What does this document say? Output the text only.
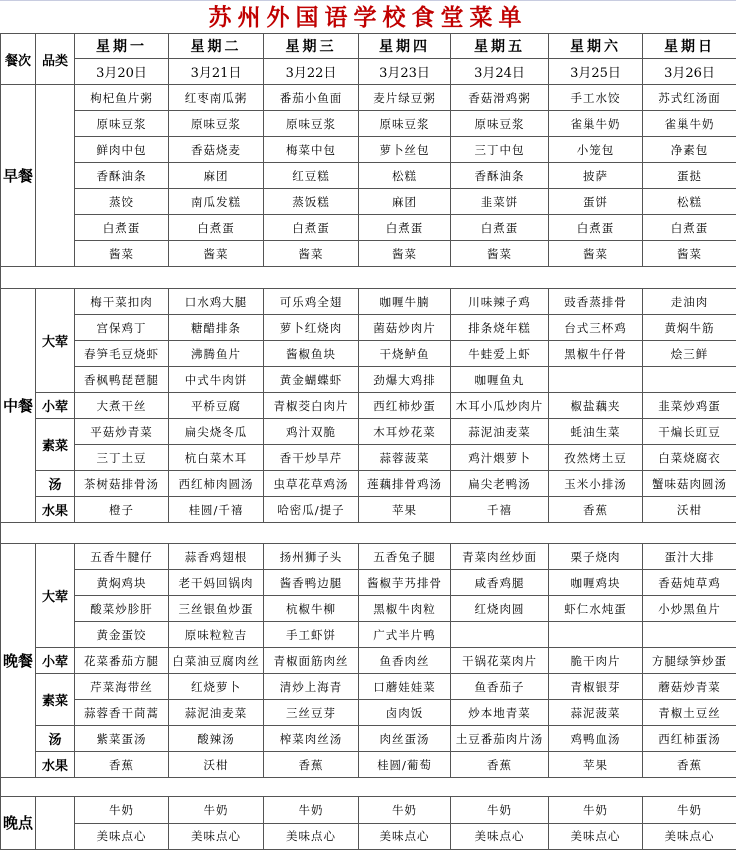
苏州外国语学校食堂菜单
餐次	品类	星期一	星期二	星期三	星期四	星期五	星期六	星期日
		3月20日	3月21日	3月22日	3月23日	3月24日	3月25日	3月26日
早餐		枸杞鱼片粥	红枣南瓜粥	番茄小鱼面	麦片绿豆粥	香菇滑鸡粥	手工水饺	苏式红汤面
		原味豆浆	原味豆浆	原味豆浆	原味豆浆	原味豆浆	雀巢牛奶	雀巢牛奶
		鲜肉中包	香菇烧麦	梅菜中包	萝卜丝包	三丁中包	小笼包	净素包
		香酥油条	麻团	红豆糕	松糕	香酥油条	披萨	蛋挞
		蒸饺	南瓜发糕	蒸饭糕	麻团	韭菜饼	蛋饼	松糕
		白煮蛋	白煮蛋	白煮蛋	白煮蛋	白煮蛋	白煮蛋	白煮蛋
		酱菜	酱菜	酱菜	酱菜	酱菜	酱菜	酱菜

中餐	大荤	梅干菜扣肉	口水鸡大腿	可乐鸡全翅	咖喱牛腩	川味辣子鸡	豉香蒸排骨	走油肉
		宫保鸡丁	糖醋排条	萝卜红烧肉	菌菇炒肉片	排条烧年糕	台式三杯鸡	黄焖牛筋
		春笋毛豆烧虾	沸腾鱼片	酱椒鱼块	干烧鲈鱼	牛蛙爱上虾	黑椒牛仔骨	烩三鲜
		香枫鸭琵琶腿	中式牛肉饼	黄金蝴蝶虾	劲爆大鸡排	咖喱鱼丸		
	小荤	大煮干丝	平桥豆腐	青椒茭白肉片	西红柿炒蛋	木耳小瓜炒肉片	椒盐藕夹	韭菜炒鸡蛋
	素菜	平菇炒青菜	扁尖烧冬瓜	鸡汁双脆	木耳炒花菜	蒜泥油麦菜	蚝油生菜	干煸长豇豆
		三丁土豆	杭白菜木耳	香干炒旱芹	蒜蓉菠菜	鸡汁煨萝卜	孜然烤土豆	白菜烧腐衣
	汤	茶树菇排骨汤	西红柿肉圆汤	虫草花草鸡汤	莲藕排骨鸡汤	扁尖老鸭汤	玉米小排汤	蟹味菇肉圆汤
	水果	橙子	桂圆/千禧	哈密瓜/提子	苹果	千禧	香蕉	沃柑

晚餐	大荤	五香牛腱仔	蒜香鸡翅根	扬州狮子头	五香兔子腿	青菜肉丝炒面	栗子烧肉	蛋汁大排
		黄焖鸡块	老干妈回锅肉	酱香鸭边腿	酱椒芋艿排骨	咸香鸡腿	咖喱鸡块	香菇炖草鸡
		酸菜炒胗肝	三丝银鱼炒蛋	杭椒牛柳	黑椒牛肉粒	红烧肉圆	虾仁水炖蛋	小炒黑鱼片
		黄金蛋饺	原味粒粒吉	手工虾饼	广式半片鸭			
	小荤	花菜番茄方腿	白菜油豆腐肉丝	青椒面筋肉丝	鱼香肉丝	干锅花菜肉片	脆干肉片	方腿绿笋炒蛋
	素菜	芹菜海带丝	红烧萝卜	清炒上海青	口蘑娃娃菜	鱼香茄子	青椒银芽	蘑菇炒青菜
		蒜蓉香干茼蒿	蒜泥油麦菜	三丝豆芽	卤肉饭	炒本地青菜	蒜泥菠菜	青椒土豆丝
	汤	紫菜蛋汤	酸辣汤	榨菜肉丝汤	肉丝蛋汤	土豆番茄肉片汤	鸡鸭血汤	西红柿蛋汤
	水果	香蕉	沃柑	香蕉	桂圆/葡萄	香蕉	苹果	香蕉

晚点		牛奶	牛奶	牛奶	牛奶	牛奶	牛奶	牛奶
		美味点心	美味点心	美味点心	美味点心	美味点心	美味点心	美味点心
